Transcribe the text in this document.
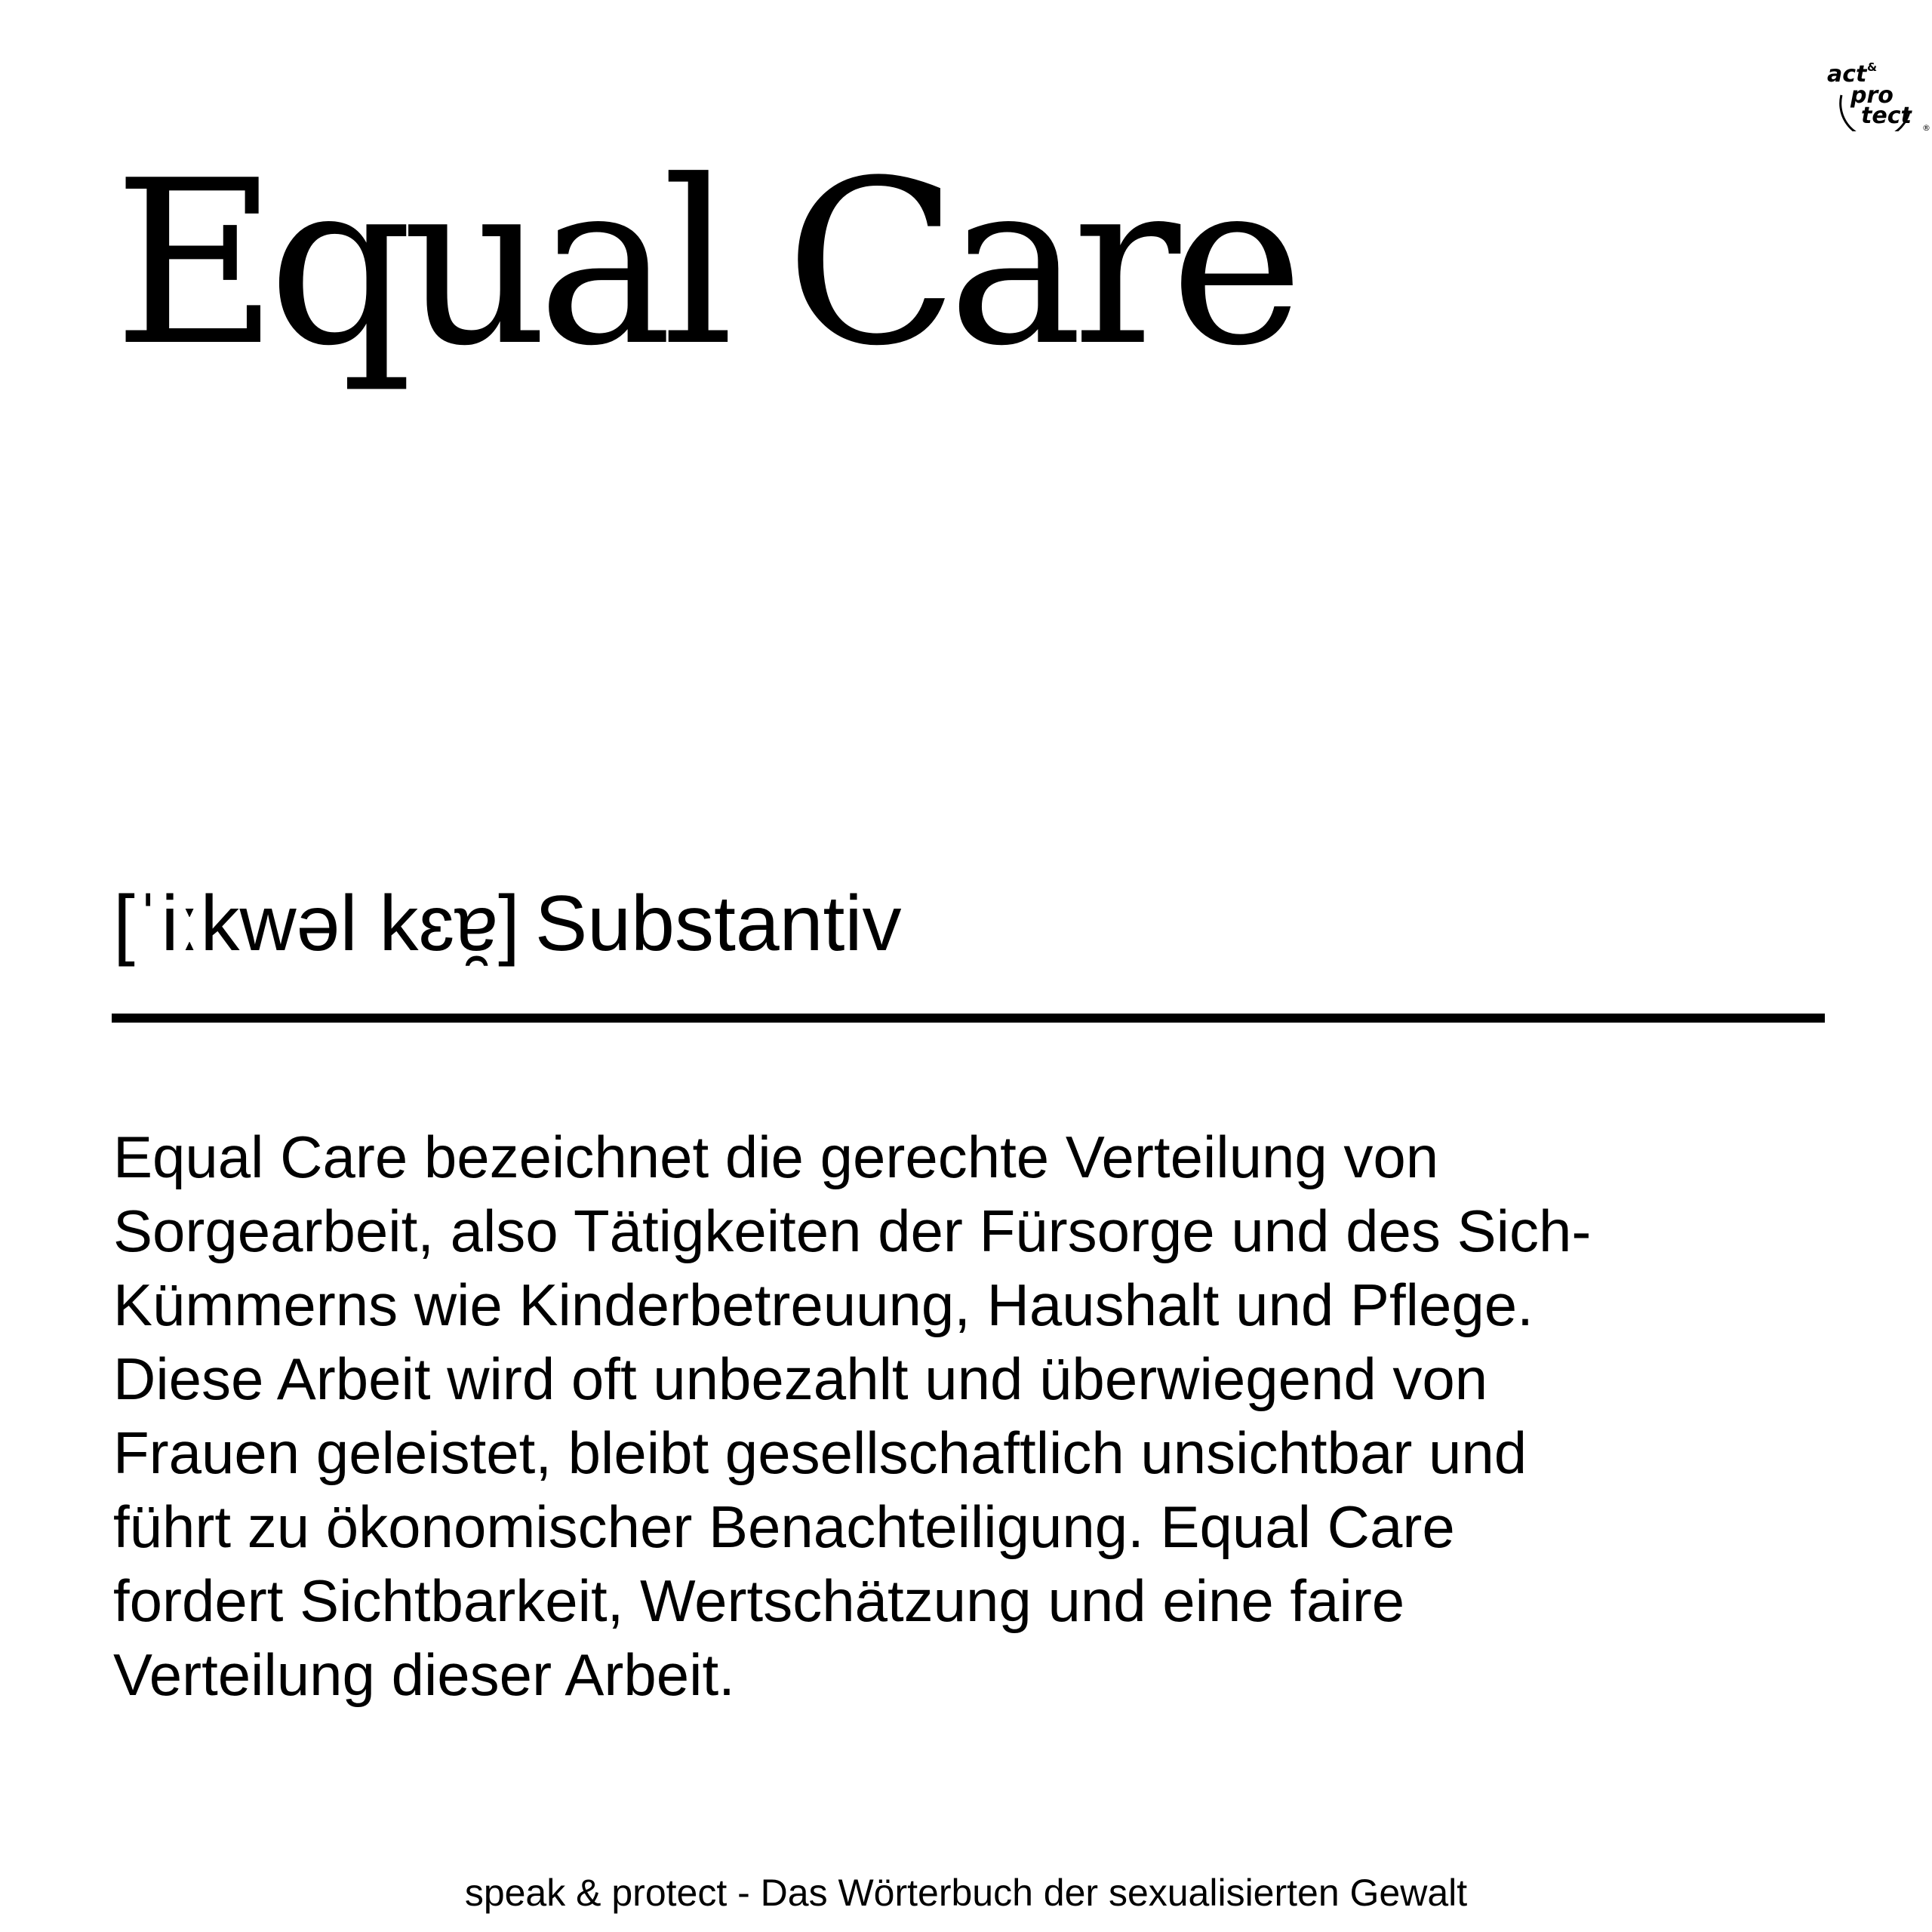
act &
pro
tect ®
Equal Care
[ˈiːkwəl kɛɐ̯] Substantiv

Equal Care bezeichnet die gerechte Verteilung von
Sorgearbeit, also Tätigkeiten der Fürsorge und des Sich-
Kümmerns wie Kinderbetreuung, Haushalt und Pflege.
Diese Arbeit wird oft unbezahlt und überwiegend von
Frauen geleistet, bleibt gesellschaftlich unsichtbar und
führt zu ökonomischer Benachteiligung. Equal Care
fordert Sichtbarkeit, Wertschätzung und eine faire
Verteilung dieser Arbeit.

speak & protect - Das Wörterbuch der sexualisierten Gewalt
